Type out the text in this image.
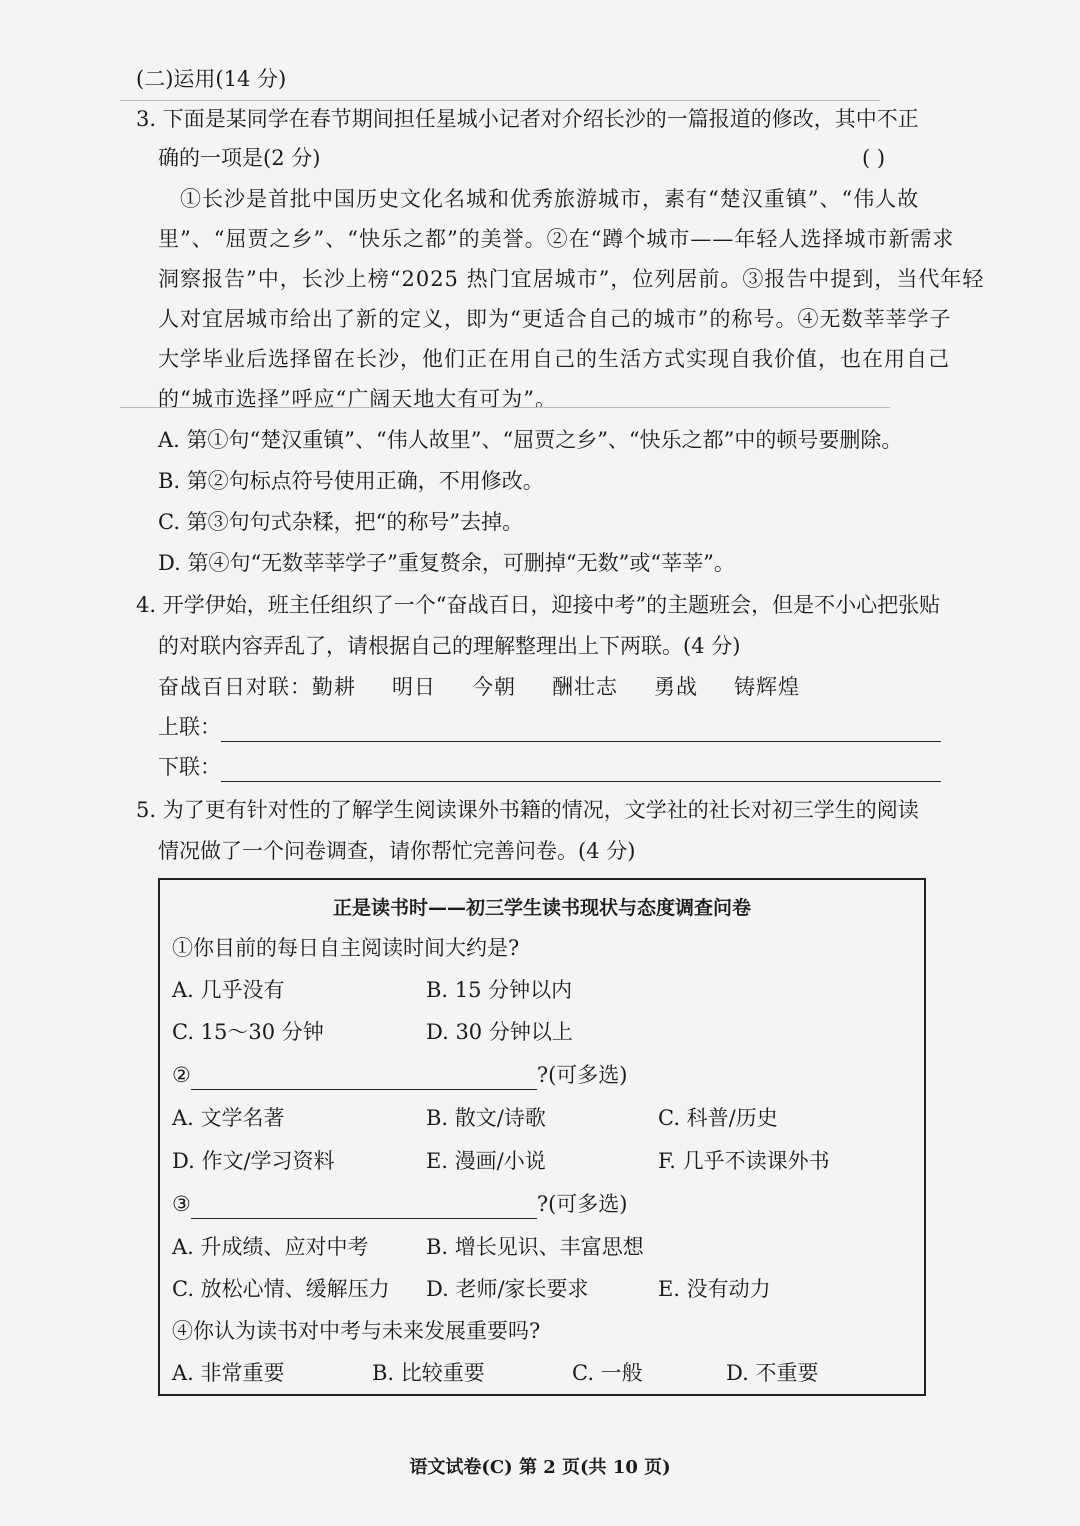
(二)运用(14 分)
3. 下面是某同学在春节期间担任星城小记者对介绍长沙的一篇报道的修改，其中不正
确的一项是(2 分)	( )
①长沙是首批中国历史文化名城和优秀旅游城市，素有“楚汉重镇”、“伟人故
里”、“屈贾之乡”、“快乐之都”的美誉。②在“蹲个城市——年轻人选择城市新需求
洞察报告”中，长沙上榜“2025 热门宜居城市”，位列居前。③报告中提到，当代年轻
人对宜居城市给出了新的定义，即为“更适合自己的城市”的称号。④无数莘莘学子
大学毕业后选择留在长沙，他们正在用自己的生活方式实现自我价值，也在用自己
的“城市选择”呼应“广阔天地大有可为”。
A. 第①句“楚汉重镇”、“伟人故里”、“屈贾之乡”、“快乐之都”中的顿号要删除。
B. 第②句标点符号使用正确，不用修改。
C. 第③句句式杂糅，把“的称号”去掉。
D. 第④句“无数莘莘学子”重复赘余，可删掉“无数”或“莘莘”。
4. 开学伊始，班主任组织了一个“奋战百日，迎接中考”的主题班会，但是不小心把张贴
的对联内容弄乱了，请根据自己的理解整理出上下两联。(4 分)
奋战百日对联：勤耕 明日 今朝 酬壮志 勇战 铸辉煌
上联：
下联：
5. 为了更有针对性的了解学生阅读课外书籍的情况，文学社的社长对初三学生的阅读
情况做了一个问卷调查，请你帮忙完善问卷。(4 分)
正是读书时——初三学生读书现状与态度调查问卷
①你目前的每日自主阅读时间大约是?
A. 几乎没有	B. 15 分钟以内
C. 15～30 分钟	D. 30 分钟以上
②	?(可多选)
A. 文学名著	B. 散文/诗歌	C. 科普/历史
D. 作文/学习资料	E. 漫画/小说	F. 几乎不读课外书
③	?(可多选)
A. 升成绩、应对中考	B. 增长见识、丰富思想
C. 放松心情、缓解压力 D. 老师/家长要求	E. 没有动力
④你认为读书对中考与未来发展重要吗?
A. 非常重要	B. 比较重要	C. 一般	D. 不重要
语文试卷(C) 第 2 页(共 10 页)
